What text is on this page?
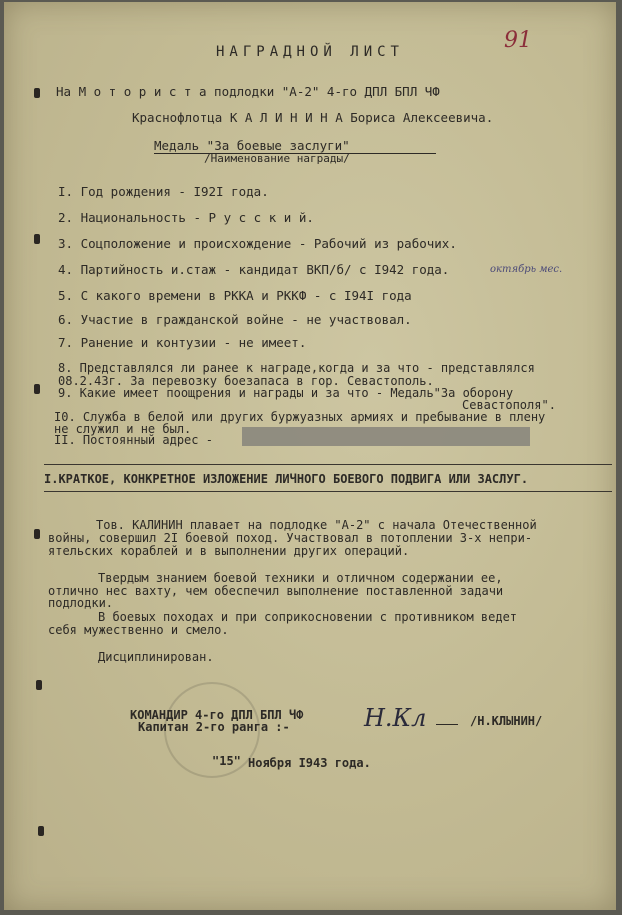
91
НАГРАДНОЙ ЛИСТ
На М о т о р и с т а подлодки "А-2" 4-го ДПЛ БПЛ ЧФ
Краснофлотца К А Л И Н И Н А Бориса Алексеевича.
Медаль "За боевые заслуги"
/Наименование награды/
I. Год рождения - I92I года.
2. Национальность - Р у с с к и й.
3. Соцположение и происхождение - Рабочий из рабочих.
4. Партийность и.стаж - кандидат ВКП/б/ с I942 года.	октябрь мес.
5. С какого времени в РККА и РККФ - с I94I года
6. Участие в гражданской войне - не участвовал.
7. Ранение и контузии - не имеет.
8. Представлялся ли ранее к награде,когда и за что - представлялся
08.2.43г. За перевозку боезапаса в гор. Севастополь.
9. Какие имеет поощрения и награды и за что - Медаль"За оборону
Севастополя".
I0. Служба в белой или других буржуазных армиях и пребывание в плену
не служил и не был.
II. Постоянный адрес -
I.КРАТКОЕ, КОНКРЕТНОЕ ИЗЛОЖЕНИЕ ЛИЧНОГО БОЕВОГО ПОДВИГА ИЛИ ЗАСЛУГ.
Тов. КАЛИНИН плавает на подлодке "А-2" с начала Отечественной
войны, совершил 2I боевой поход. Участвовал в потоплении 3-х непри-
ятельских кораблей и в выполнении других операций.
Твердым знанием боевой техники и отличном содержании ее,
отлично нес вахту, чем обеспечил выполнение поставленной задачи
подлодки.
В боевых походах и при соприкосновении с противником ведет
себя мужественно и смело.
Дисциплинирован.
КОМАНДИР 4-го ДПЛ БПЛ ЧФ
Капитан 2-го ранга :-	Н.Кл	/Н.КЛЫНИН/
"15" Ноября I943 года.
